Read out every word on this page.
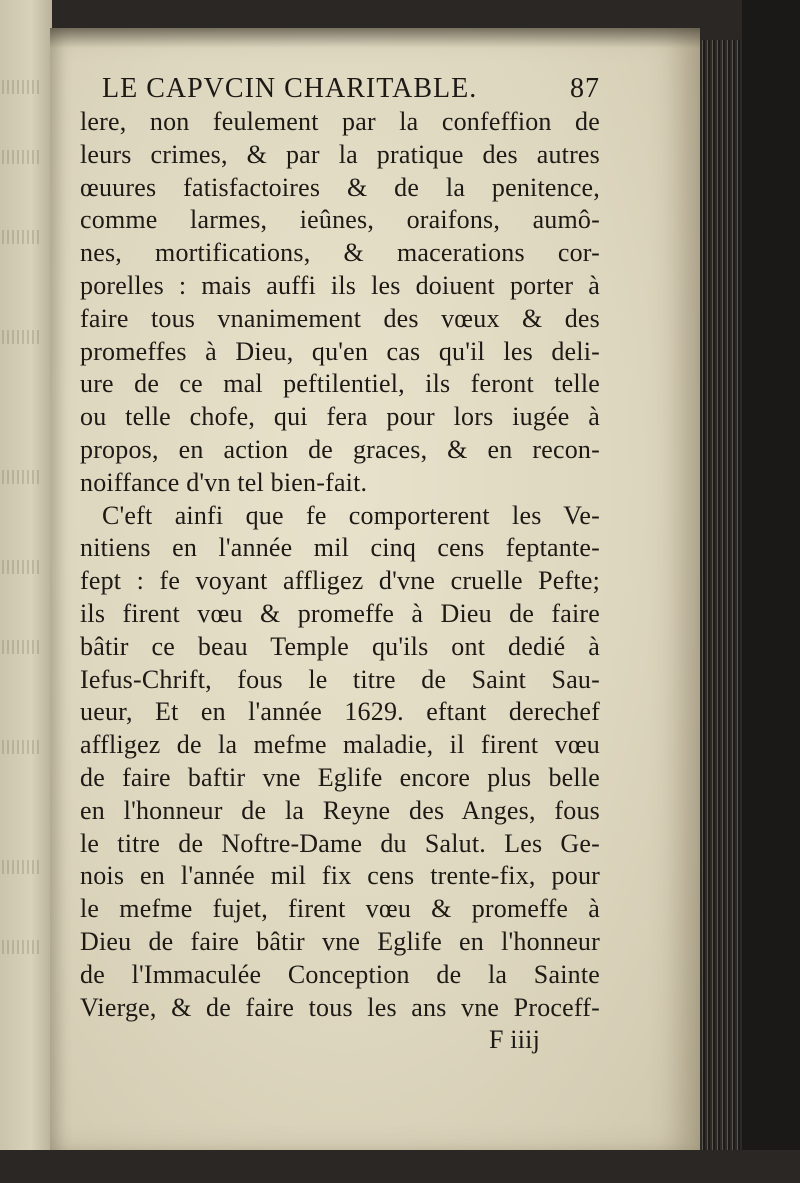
LE CAPVCIN CHARITABLE.	87
lere, non feulement par la confeffion de
leurs crimes, & par la pratique des autres
œuures fatisfactoires & de la penitence,
comme larmes, ieûnes, oraifons, aumô-
nes, mortifications, & macerations cor-
porelles : mais auffi ils les doiuent porter à
faire tous vnanimement des vœux & des
promeffes à Dieu, qu'en cas qu'il les deli-
ure de ce mal peftilentiel, ils feront telle
ou telle chofe, qui fera pour lors iugée à
propos, en action de graces, & en recon-
noiffance d'vn tel bien-fait.
C'eft ainfi que fe comporterent les Ve-
nitiens en l'année mil cinq cens feptante-
fept : fe voyant affligez d'vne cruelle Pefte;
ils firent vœu & promeffe à Dieu de faire
bâtir ce beau Temple qu'ils ont dedié à
Iefus-Chrift, fous le titre de Saint Sau-
ueur, Et en l'année 1629. eftant derechef
affligez de la mefme maladie, il firent vœu
de faire baftir vne Eglife encore plus belle
en l'honneur de la Reyne des Anges, fous
le titre de Noftre-Dame du Salut. Les Ge-
nois en l'année mil fix cens trente-fix, pour
le mefme fujet, firent vœu & promeffe à
Dieu de faire bâtir vne Eglife en l'honneur
de l'Immaculée Conception de la Sainte
Vierge, & de faire tous les ans vne Proceff-
F iiij
